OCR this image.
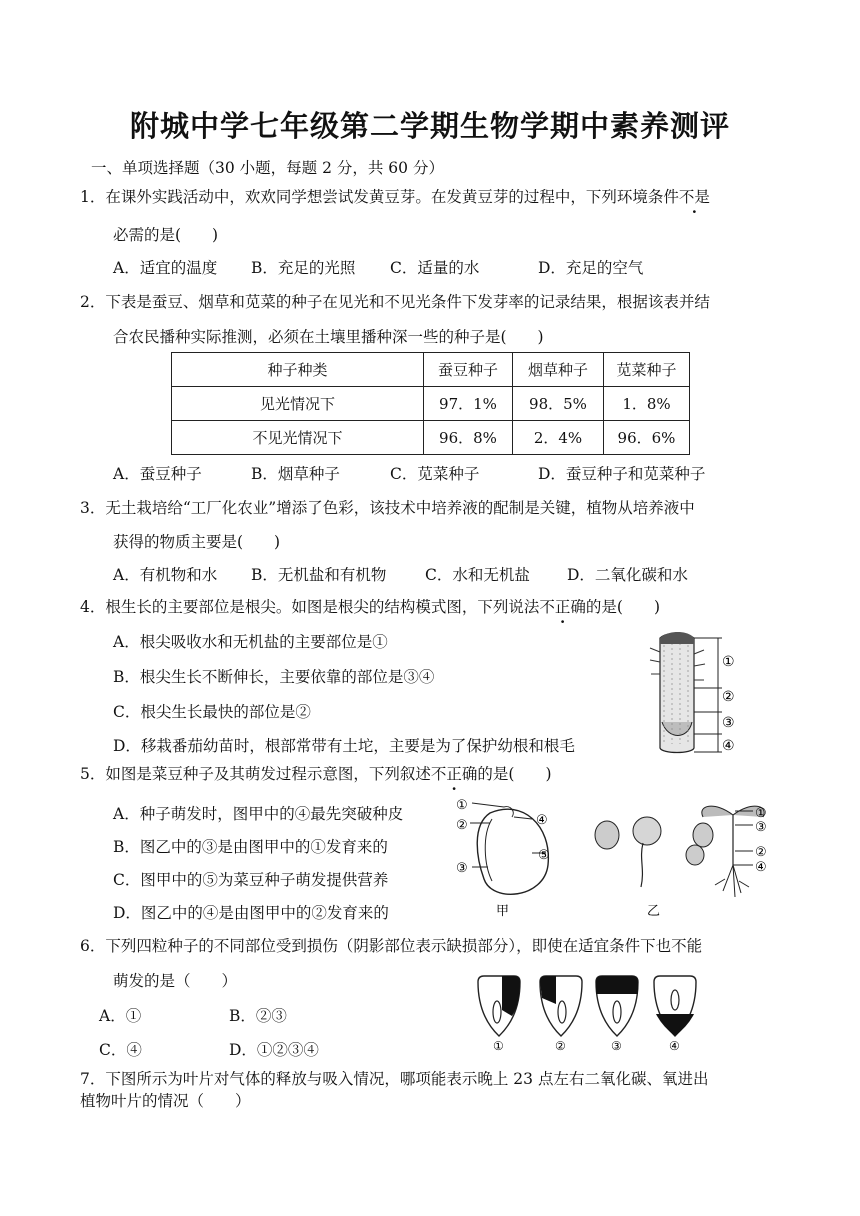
附城中学七年级第二学期生物学期中素养测评
一、单项选择题（30 小题，每题 2 分，共 60 分）
1．在课外实践活动中，欢欢同学想尝试发黄豆芽。在发黄豆芽的过程中，下列环境条件不是
必需的是(　　)
A．适宜的温度 B．充足的光照 C．适量的水	D．充足的空气
2．下表是蚕豆、烟草和苋菜的种子在见光和不见光条件下发芽率的记录结果，根据该表并结
合农民播种实际推测，必须在土壤里播种深一些的种子是(　　)
种子种类	蚕豆种子	烟草种子	苋菜种子
见光情况下	97．1%	98．5%	1．8%
不见光情况下	96．8%	2．4%	96．6%
A．蚕豆种子	B．烟草种子	C．苋菜种子	D．蚕豆种子和苋菜种子
3．无土栽培给“工厂化农业”增添了色彩，该技术中培养液的配制是关键，植物从培养液中
获得的物质主要是(　　)
A．有机物和水 B．无机盐和有机物 C．水和无机盐 D．二氧化碳和水
4．根生长的主要部位是根尖。如图是根尖的结构模式图，下列说法不正确的是(　　)
A．根尖吸收水和无机盐的主要部位是①
B．根尖生长不断伸长，主要依靠的部位是③④
C．根尖生长最快的部位是②
D．移栽番茄幼苗时，根部常带有土坨，主要是为了保护幼根和根毛
①
②
③
④
5．如图是菜豆种子及其萌发过程示意图，下列叙述不正确的是(　　)
A．种子萌发时，图甲中的④最先突破种皮
B．图乙中的③是由图甲中的①发育来的
C．图甲中的⑤为菜豆种子萌发提供营养
D．图乙中的④是由图甲中的②发育来的
①
②
③
④
⑤
甲
①
③
②
④
乙
6．下列四粒种子的不同部位受到损伤（阴影部位表示缺损部分），即使在适宜条件下也不能
萌发的是（　　）
A．①	B．②③
C．④	D．①②③④	①	②	③	④
7．下图所示为叶片对气体的释放与吸入情况，哪项能表示晚上 23 点左右二氧化碳、氧进出
植物叶片的情况（　　）
